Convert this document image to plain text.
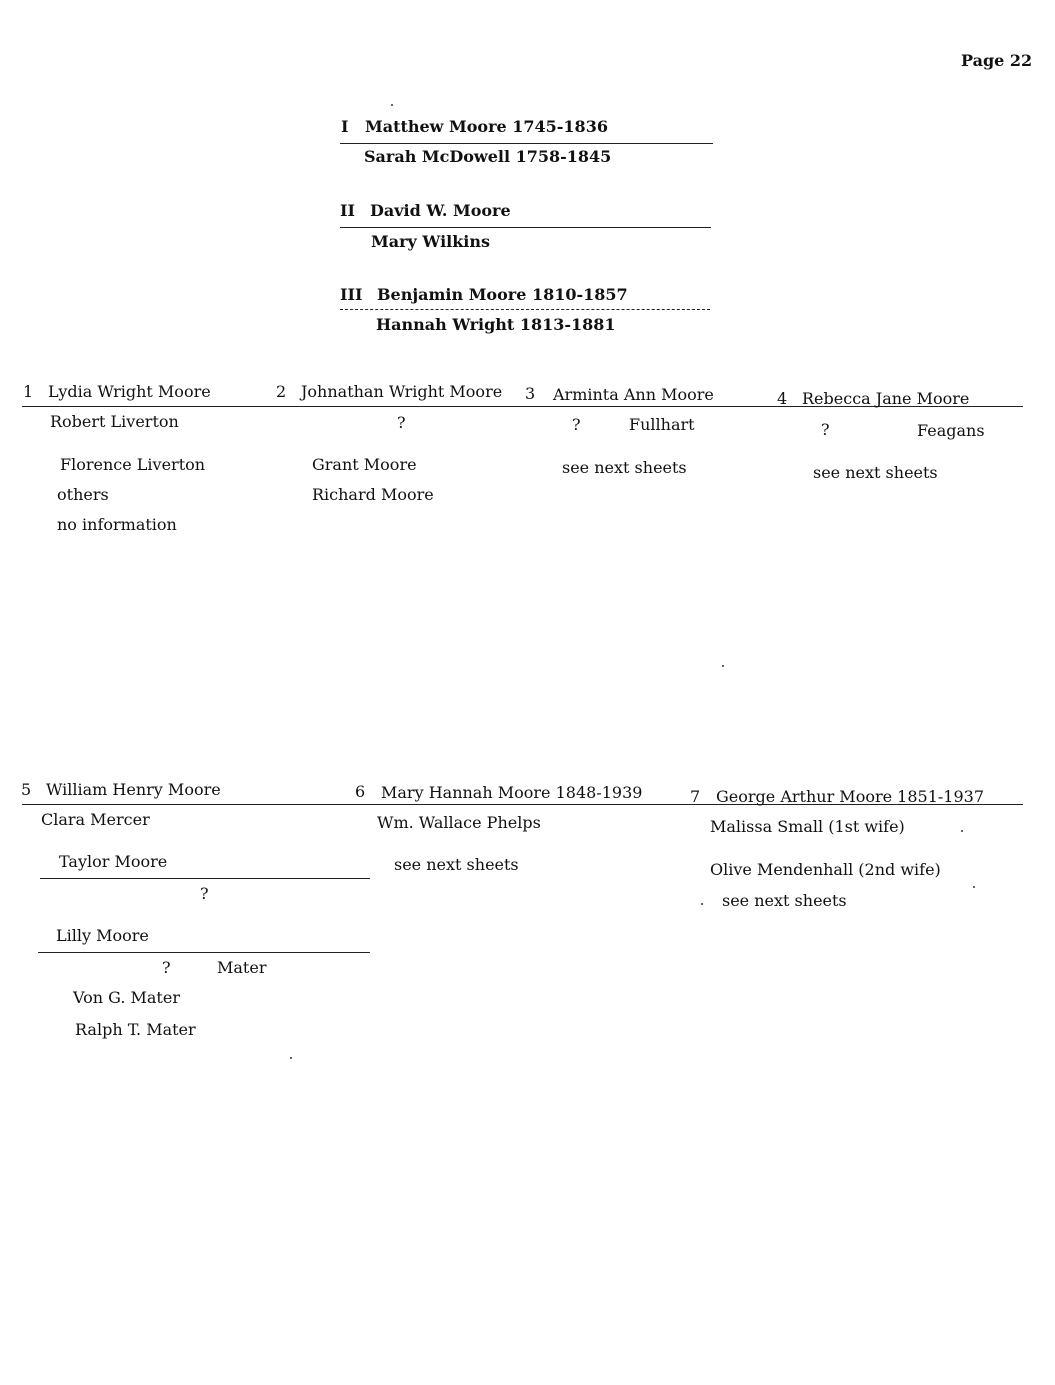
Page 22
I Matthew Moore 1745-1836
Sarah McDowell 1758-1845
II David W. Moore
Mary Wilkins
III Benjamin Moore 1810-1857
Hannah Wright 1813-1881
1 Lydia Wright Moore
Robert Liverton
Florence Liverton
others
no information
2 Johnathan Wright Moore
?
Grant Moore
Richard Moore
3 Arminta Ann Moore
?	Fullhart
see next sheets
4 Rebecca Jane Moore
?	Feagans
see next sheets
5 William Henry Moore
Clara Mercer
Taylor Moore
?
Lilly Moore
?	Mater
Von G. Mater
Ralph T. Mater
6 Mary Hannah Moore 1848-1939
Wm. Wallace Phelps
see next sheets
7 George Arthur Moore 1851-1937
Malissa Small (1st wife)
Olive Mendenhall (2nd wife)
see next sheets
